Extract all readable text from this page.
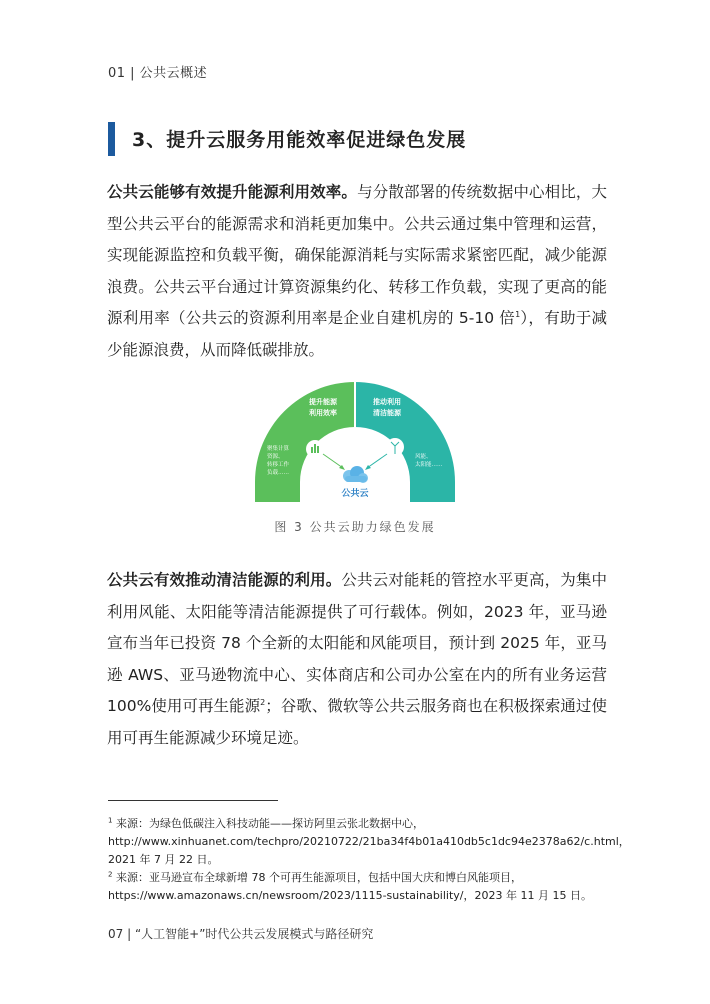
01 | 公共云概述
3、提升云服务用能效率促进绿色发展
公共云能够有效提升能源利用效率。与分散部署的传统数据中心相比，大型公共云平台的能源需求和消耗更加集中。公共云通过集中管理和运营，实现能源监控和负载平衡，确保能源消耗与实际需求紧密匹配，减少能源浪费。公共云平台通过计算资源集约化、转移工作负载，实现了更高的能源利用率（公共云的资源利用率是企业自建机房的 5-10 倍$^1$），有助于减少能源浪费，从而降低碳排放。
提升能源
利用效率
推动利用
清洁能源
聚集计算
资源、
转移工作
负载……
风能、
太阳能……
公共云
图 3 公共云助力绿色发展
公共云有效推动清洁能源的利用。公共云对能耗的管控水平更高，为集中利用风能、太阳能等清洁能源提供了可行载体。例如，2023 年，亚马逊宣布当年已投资 78 个全新的太阳能和风能项目，预计到 2025 年，亚马逊 AWS、亚马逊物流中心、实体商店和公司办公室在内的所有业务运营 100%使用可再生能源$^2$；谷歌、微软等公共云服务商也在积极探索通过使用可再生能源减少环境足迹。
$^1$ 来源：为绿色低碳注入科技动能——探访阿里云张北数据中心，http://www.xinhuanet.com/techpro/20210722/21ba34f4b01a410db5c1dc94e2378a62/c.html，2021 年 7 月 22 日。
$^2$ 来源：亚马逊宣布全球新增 78 个可再生能源项目，包括中国大庆和博白风能项目，https://www.amazonaws.cn/newsroom/2023/1115-sustainability/，2023 年 11 月 15 日。
07 | “人工智能+”时代公共云发展模式与路径研究
